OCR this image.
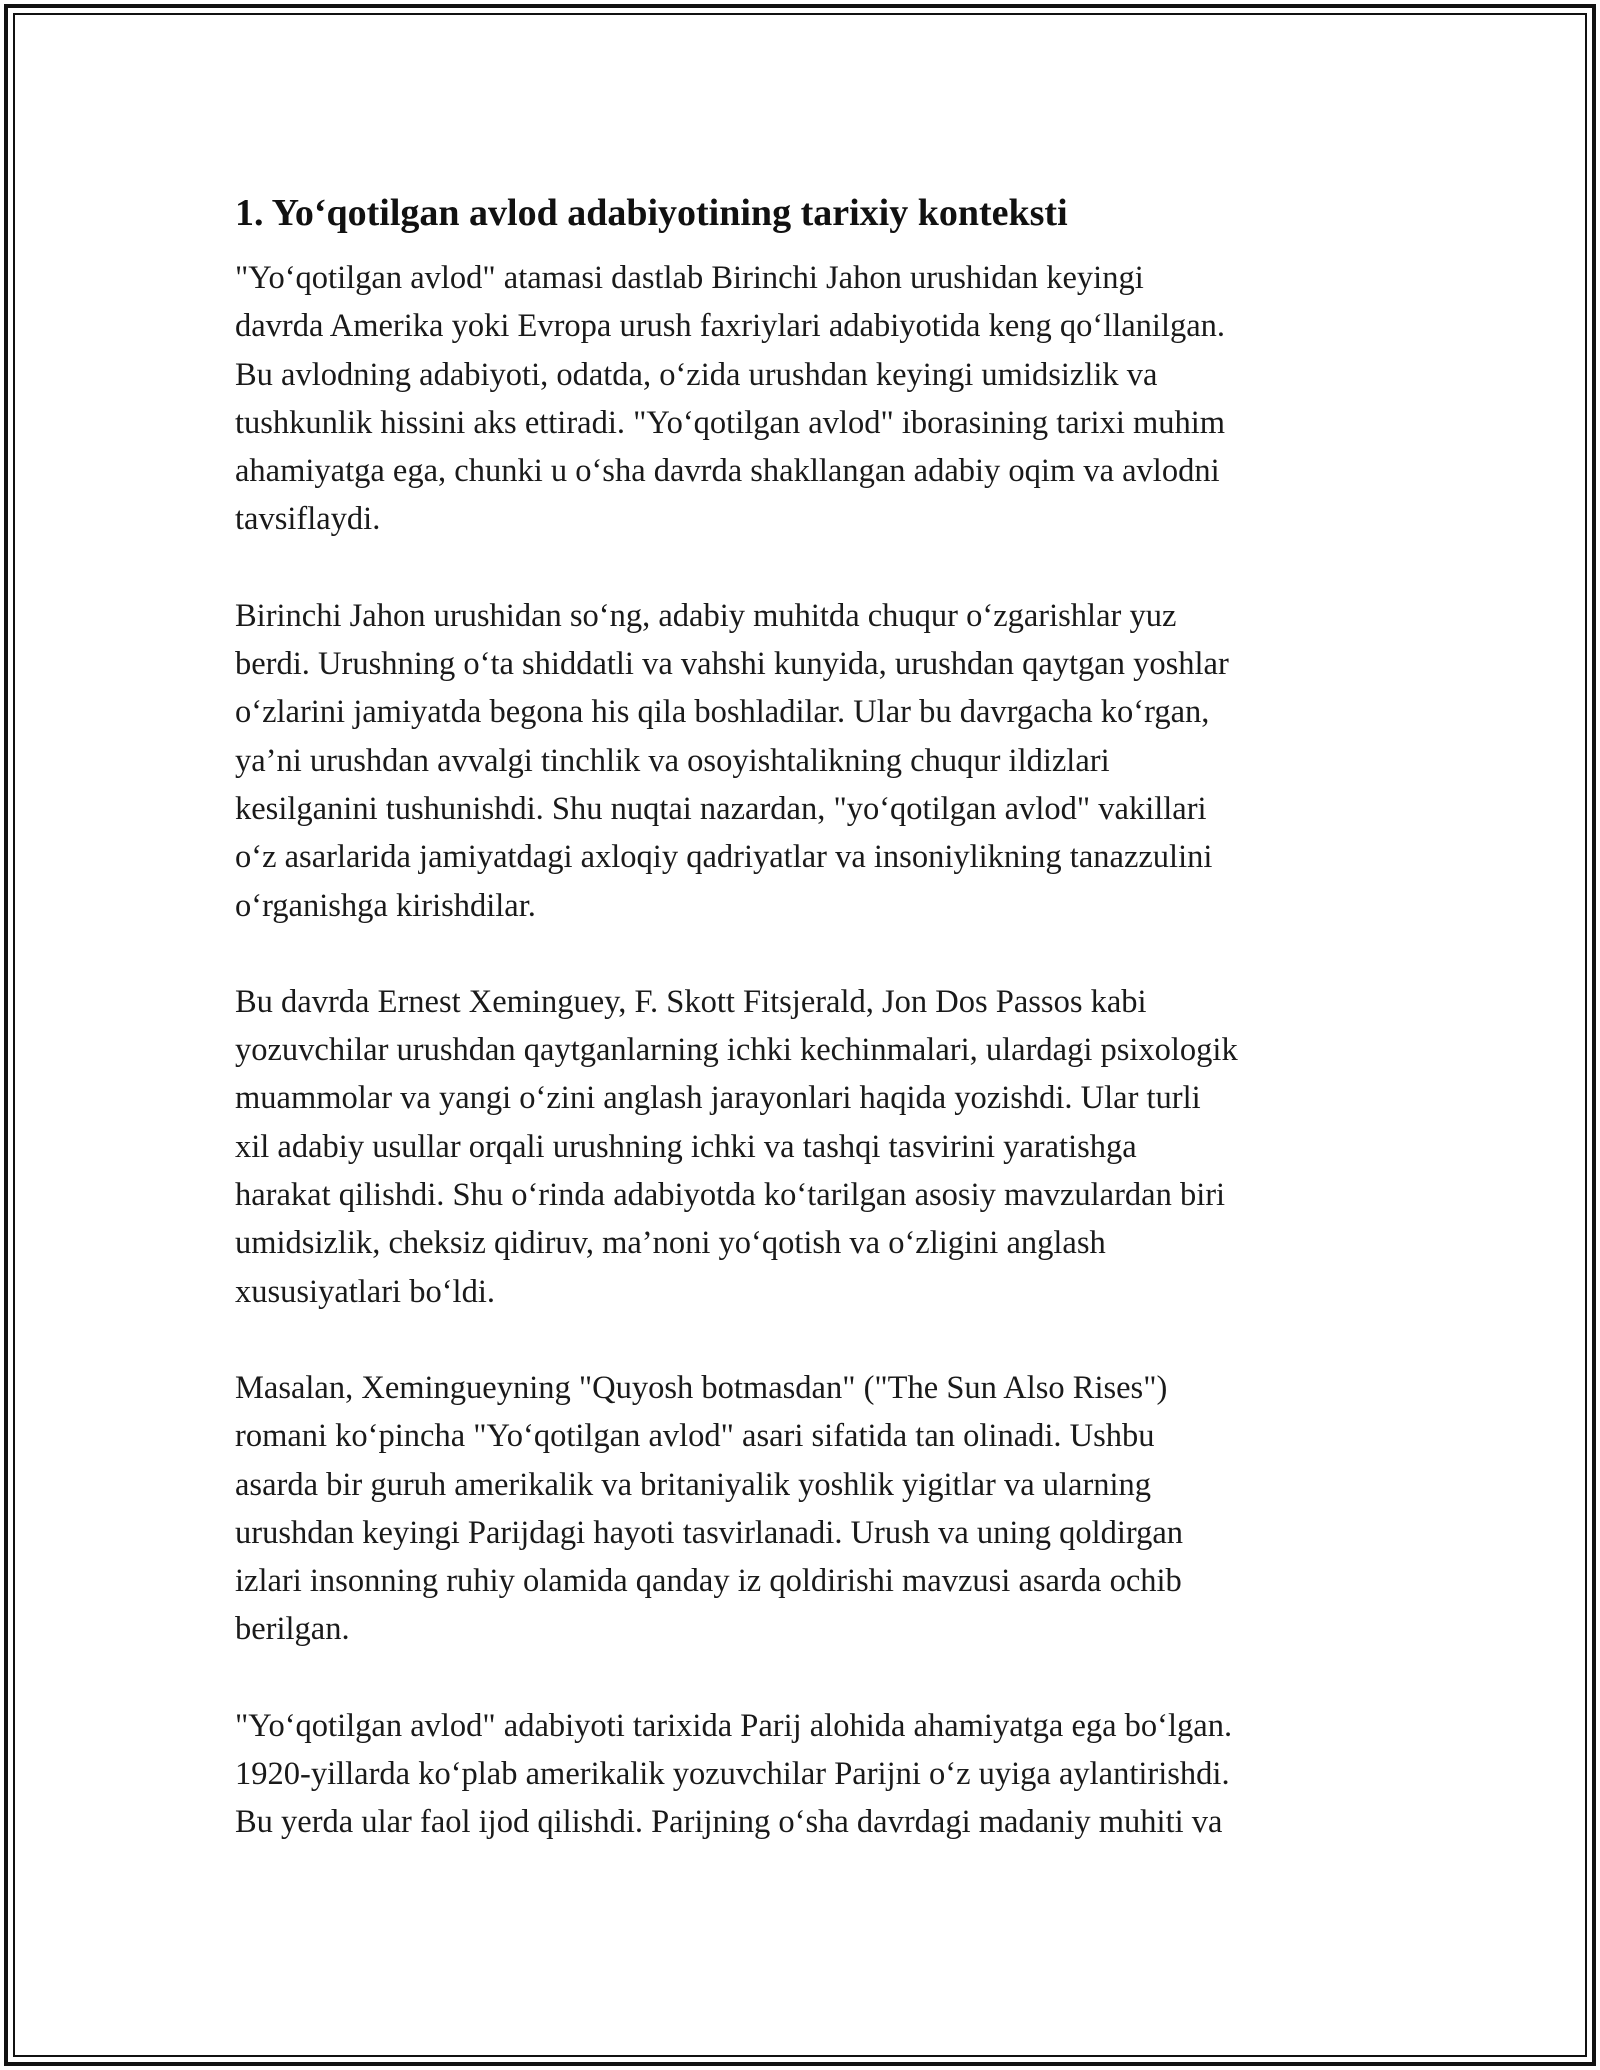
1. Yo‘qotilgan avlod adabiyotining tarixiy konteksti

"Yo‘qotilgan avlod" atamasi dastlab Birinchi Jahon urushidan keyingi
davrda Amerika yoki Evropa urush faxriylari adabiyotida keng qo‘llanilgan.
Bu avlodning adabiyoti, odatda, o‘zida urushdan keyingi umidsizlik va
tushkunlik hissini aks ettiradi. "Yo‘qotilgan avlod" iborasining tarixi muhim
ahamiyatga ega, chunki u o‘sha davrda shakllangan adabiy oqim va avlodni
tavsiflaydi.

Birinchi Jahon urushidan so‘ng, adabiy muhitda chuqur o‘zgarishlar yuz
berdi. Urushning o‘ta shiddatli va vahshi kunyida, urushdan qaytgan yoshlar
o‘zlarini jamiyatda begona his qila boshladilar. Ular bu davrgacha ko‘rgan,
ya’ni urushdan avvalgi tinchlik va osoyishtalikning chuqur ildizlari
kesilganini tushunishdi. Shu nuqtai nazardan, "yo‘qotilgan avlod" vakillari
o‘z asarlarida jamiyatdagi axloqiy qadriyatlar va insoniylikning tanazzulini
o‘rganishga kirishdilar.

Bu davrda Ernest Xeminguey, F. Skott Fitsjerald, Jon Dos Passos kabi
yozuvchilar urushdan qaytganlarning ichki kechinmalari, ulardagi psixologik
muammolar va yangi o‘zini anglash jarayonlari haqida yozishdi. Ular turli
xil adabiy usullar orqali urushning ichki va tashqi tasvirini yaratishga
harakat qilishdi. Shu o‘rinda adabiyotda ko‘tarilgan asosiy mavzulardan biri
umidsizlik, cheksiz qidiruv, ma’noni yo‘qotish va o‘zligini anglash
xususiyatlari bo‘ldi.

Masalan, Xemingueyning "Quyosh botmasdan" ("The Sun Also Rises")
romani ko‘pincha "Yo‘qotilgan avlod" asari sifatida tan olinadi. Ushbu
asarda bir guruh amerikalik va britaniyalik yoshlik yigitlar va ularning
urushdan keyingi Parijdagi hayoti tasvirlanadi. Urush va uning qoldirgan
izlari insonning ruhiy olamida qanday iz qoldirishi mavzusi asarda ochib
berilgan.

"Yo‘qotilgan avlod" adabiyoti tarixida Parij alohida ahamiyatga ega bo‘lgan.
1920-yillarda ko‘plab amerikalik yozuvchilar Parijni o‘z uyiga aylantirishdi.
Bu yerda ular faol ijod qilishdi. Parijning o‘sha davrdagi madaniy muhiti va
